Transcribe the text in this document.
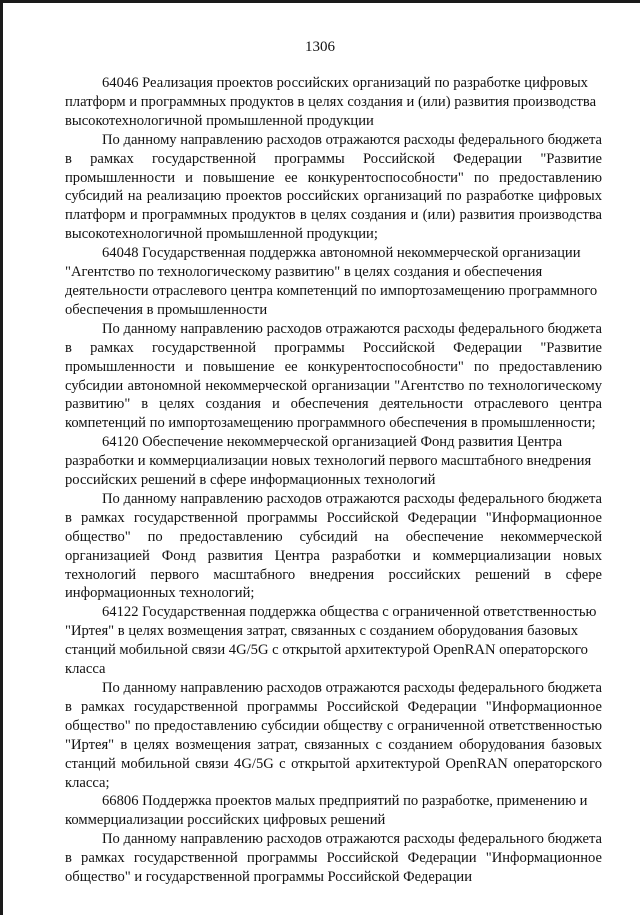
1306

64046 Реализация проектов российских организаций по разработке цифровых платформ и программных продуктов в целях создания и (или) развития производства высокотехнологичной промышленной продукции

По данному направлению расходов отражаются расходы федерального бюджета в рамках государственной программы Российской Федерации "Развитие промышленности и повышение ее конкурентоспособности" по предоставлению субсидий на реализацию проектов российских организаций по разработке цифровых платформ и программных продуктов в целях создания и (или) развития производства высокотехнологичной промышленной продукции;

64048 Государственная поддержка автономной некоммерческой организации "Агентство по технологическому развитию" в целях создания и обеспечения деятельности отраслевого центра компетенций по импортозамещению программного обеспечения в промышленности

По данному направлению расходов отражаются расходы федерального бюджета в рамках государственной программы Российской Федерации "Развитие промышленности и повышение ее конкурентоспособности" по предоставлению субсидии автономной некоммерческой организации "Агентство по технологическому развитию" в целях создания и обеспечения деятельности отраслевого центра компетенций по импортозамещению программного обеспечения в промышленности;

64120 Обеспечение некоммерческой организацией Фонд развития Центра разработки и коммерциализации новых технологий первого масштабного внедрения российских решений в сфере информационных технологий

По данному направлению расходов отражаются расходы федерального бюджета в рамках государственной программы Российской Федерации "Информационное общество" по предоставлению субсидий на обеспечение некоммерческой организацией Фонд развития Центра разработки и коммерциализации новых технологий первого масштабного внедрения российских решений в сфере информационных технологий;

64122 Государственная поддержка общества с ограниченной ответственностью "Иртея" в целях возмещения затрат, связанных с созданием оборудования базовых станций мобильной связи 4G/5G с открытой архитектурой OpenRAN операторского класса

По данному направлению расходов отражаются расходы федерального бюджета в рамках государственной программы Российской Федерации "Информационное общество" по предоставлению субсидии обществу с ограниченной ответственностью "Иртея" в целях возмещения затрат, связанных с созданием оборудования базовых станций мобильной связи 4G/5G с открытой архитектурой OpenRAN операторского класса;

66806 Поддержка проектов малых предприятий по разработке, применению и коммерциализации российских цифровых решений

По данному направлению расходов отражаются расходы федерального бюджета в рамках государственной программы Российской Федерации "Информационное общество" и государственной программы Российской Федерации
